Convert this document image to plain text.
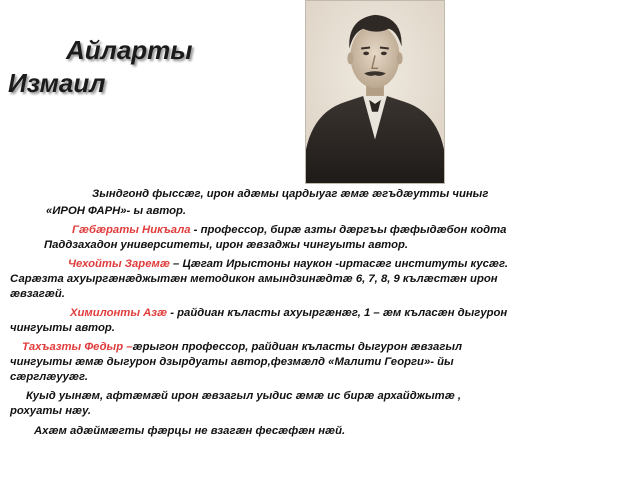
Айларты
Измаил

Зындгонд фыссæг, ирон адæмы цардыуаг æмæ æгъдæутты чиныг

«ИРОН ФАРН»- ы автор.

Гæбæраты Никъала - профессор, бирæ азты дæргъы фæфыдæбон кодта

Паддзахадон университеты, ирон æвзаджы чингуыты автор.

Чехойты Заремæ – Цæгат Ирыстоны наукон -иртасæг институты кусæг.

Сарæзта ахуыргæнæджытæн методикон амындзинæдтæ 6, 7, 8, 9 кълæстæн ирон

æвзагæй.

Химилонты Азæ - райдиан къласты ахуыргæнæг, 1 – æм къласæн дыгурон

чингуыты автор.

Тахъазты Федыр –æрыгон профессор, райдиан къласты дыгурон æвзагыл

чингуыты æмæ дыгурон дзырдуаты автор,фезмæлд «Малити Георги»- йы

сæрглæууæг.

Куыд уынæм, афтæмæй ирон æвзагыл уыдис æмæ ис бирæ архайджытæ ,

рохуаты нæу.

Ахæм адæймæгты фæрцы не взагæн фесæфæн нæй.
